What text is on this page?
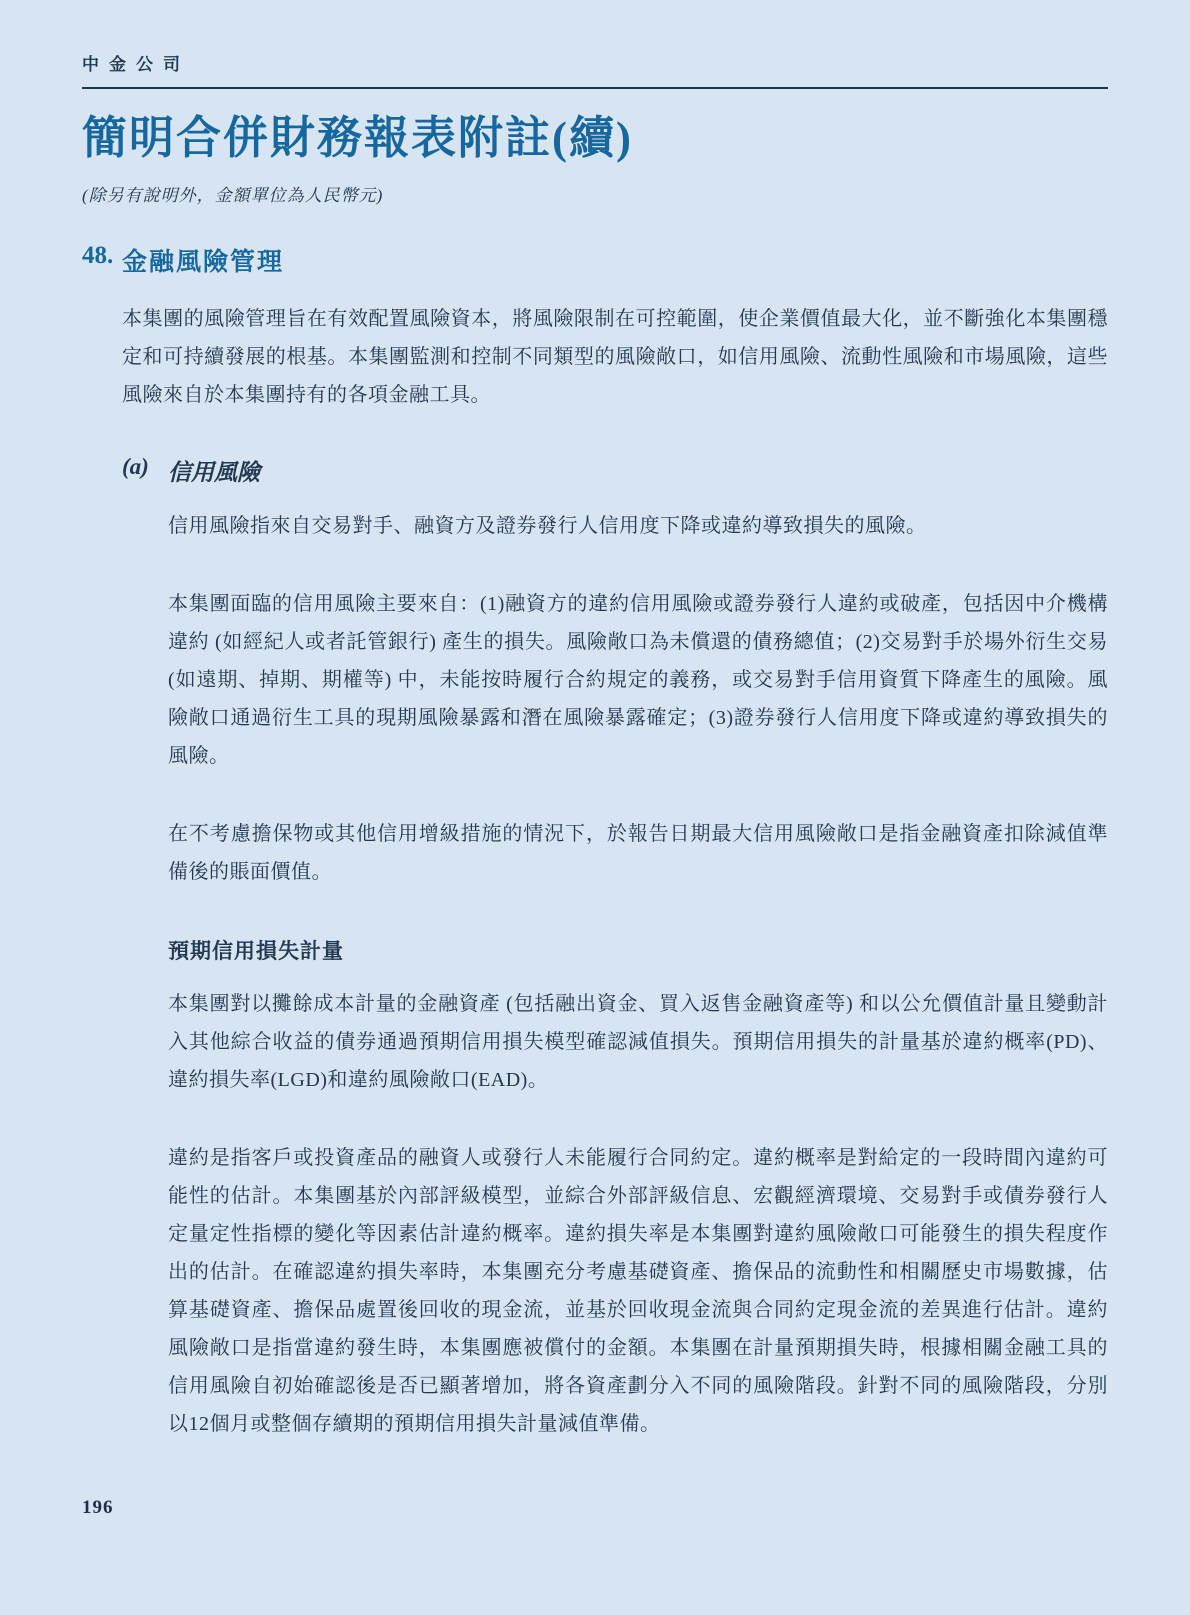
中金公司
簡明合併財務報表附註(續)
(除另有說明外，金額單位為人民幣元)
48. 金融風險管理

本集團的風險管理旨在有效配置風險資本，將風險限制在可控範圍，使企業價值最大化，並不斷強化本集團穩定和可持續發展的根基。本集團監測和控制不同類型的風險敞口，如信用風險、流動性風險和市場風險，這些風險來自於本集團持有的各項金融工具。

(a) 信用風險

信用風險指來自交易對手、融資方及證券發行人信用度下降或違約導致損失的風險。

本集團面臨的信用風險主要來自：(1)融資方的違約信用風險或證券發行人違約或破產，包括因中介機構違約 (如經紀人或者託管銀行) 產生的損失。風險敞口為未償還的債務總值；(2)交易對手於場外衍生交易 (如遠期、掉期、期權等) 中，未能按時履行合約規定的義務，或交易對手信用資質下降產生的風險。風險敞口通過衍生工具的現期風險暴露和潛在風險暴露確定；(3)證券發行人信用度下降或違約導致損失的風險。

在不考慮擔保物或其他信用增級措施的情況下，於報告日期最大信用風險敞口是指金融資產扣除減值準備後的賬面價值。

預期信用損失計量

本集團對以攤餘成本計量的金融資產 (包括融出資金、買入返售金融資產等) 和以公允價值計量且變動計入其他綜合收益的債券通過預期信用損失模型確認減值損失。預期信用損失的計量基於違約概率(PD)、違約損失率(LGD)和違約風險敞口(EAD)。

違約是指客戶或投資產品的融資人或發行人未能履行合同約定。違約概率是對給定的一段時間內違約可能性的估計。本集團基於內部評級模型，並綜合外部評級信息、宏觀經濟環境、交易對手或債券發行人定量定性指標的變化等因素估計違約概率。違約損失率是本集團對違約風險敞口可能發生的損失程度作出的估計。在確認違約損失率時，本集團充分考慮基礎資產、擔保品的流動性和相關歷史市場數據，估算基礎資產、擔保品處置後回收的現金流，並基於回收現金流與合同約定現金流的差異進行估計。違約風險敞口是指當違約發生時，本集團應被償付的金額。本集團在計量預期損失時，根據相關金融工具的信用風險自初始確認後是否已顯著增加，將各資產劃分入不同的風險階段。針對不同的風險階段，分別以12個月或整個存續期的預期信用損失計量減值準備。

196
